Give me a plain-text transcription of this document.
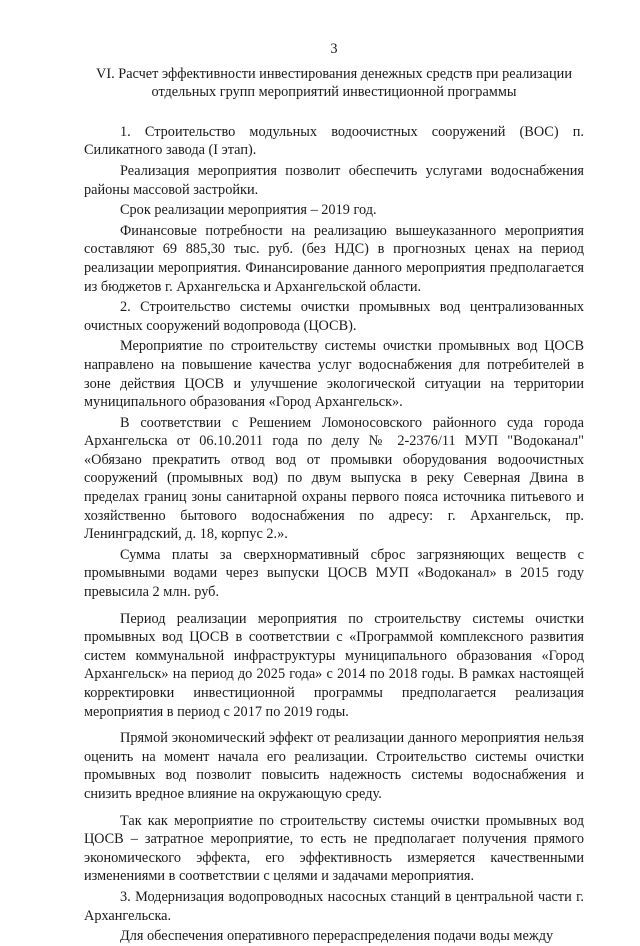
3
VI. Расчет эффективности инвестирования денежных средств при реализации отдельных групп мероприятий инвестиционной программы

1. Строительство модульных водоочистных сооружений (ВОС) п. Силикатного завода (I этап).

Реализация мероприятия позволит обеспечить услугами водоснабжения районы массовой застройки.

Срок реализации мероприятия – 2019 год.

Финансовые потребности на реализацию вышеуказанного мероприятия составляют 69 885,30 тыс. руб. (без НДС) в прогнозных ценах на период реализации мероприятия. Финансирование данного мероприятия предполагается из бюджетов г. Архангельска и Архангельской области.

2. Строительство системы очистки промывных вод централизованных очистных сооружений водопровода (ЦОСВ).

Мероприятие по строительству системы очистки промывных вод ЦОСВ направлено на повышение качества услуг водоснабжения для потребителей в зоне действия ЦОСВ и улучшение экологической ситуации на территории муниципального образования «Город Архангельск».

В соответствии с Решением Ломоносовского районного суда города Архангельска от 06.10.2011 года по делу № 2-2376/11 МУП "Водоканал" «Обязано прекратить отвод вод от промывки оборудования водоочистных сооружений (промывных вод) по двум выпуска в реку Северная Двина в пределах границ зоны санитарной охраны первого пояса источника питьевого и хозяйственно бытового водоснабжения по адресу: г. Архангельск, пр. Ленинградский, д. 18, корпус 2.».

Сумма платы за сверхнормативный сброс загрязняющих веществ с промывными водами через выпуски ЦОСВ МУП «Водоканал» в 2015 году превысила 2 млн. руб.

Период реализации мероприятия по строительству системы очистки промывных вод ЦОСВ в соответствии с «Программой комплексного развития систем коммунальной инфраструктуры муниципального образования «Город Архангельск» на период до 2025 года» с 2014 по 2018 годы. В рамках настоящей корректировки инвестиционной программы предполагается реализация мероприятия в период с 2017 по 2019 годы.

Прямой экономический эффект от реализации данного мероприятия нельзя оценить на момент начала его реализации. Строительство системы очистки промывных вод позволит повысить надежность системы водоснабжения и снизить вредное влияние на окружающую среду.

Так как мероприятие по строительству системы очистки промывных вод ЦОСВ – затратное мероприятие, то есть не предполагает получения прямого экономического эффекта, его эффективность измеряется качественными изменениями в соответствии с целями и задачами мероприятия.

3. Модернизация водопроводных насосных станций в центральной части г. Архангельска.

Для обеспечения оперативного перераспределения подачи воды между
